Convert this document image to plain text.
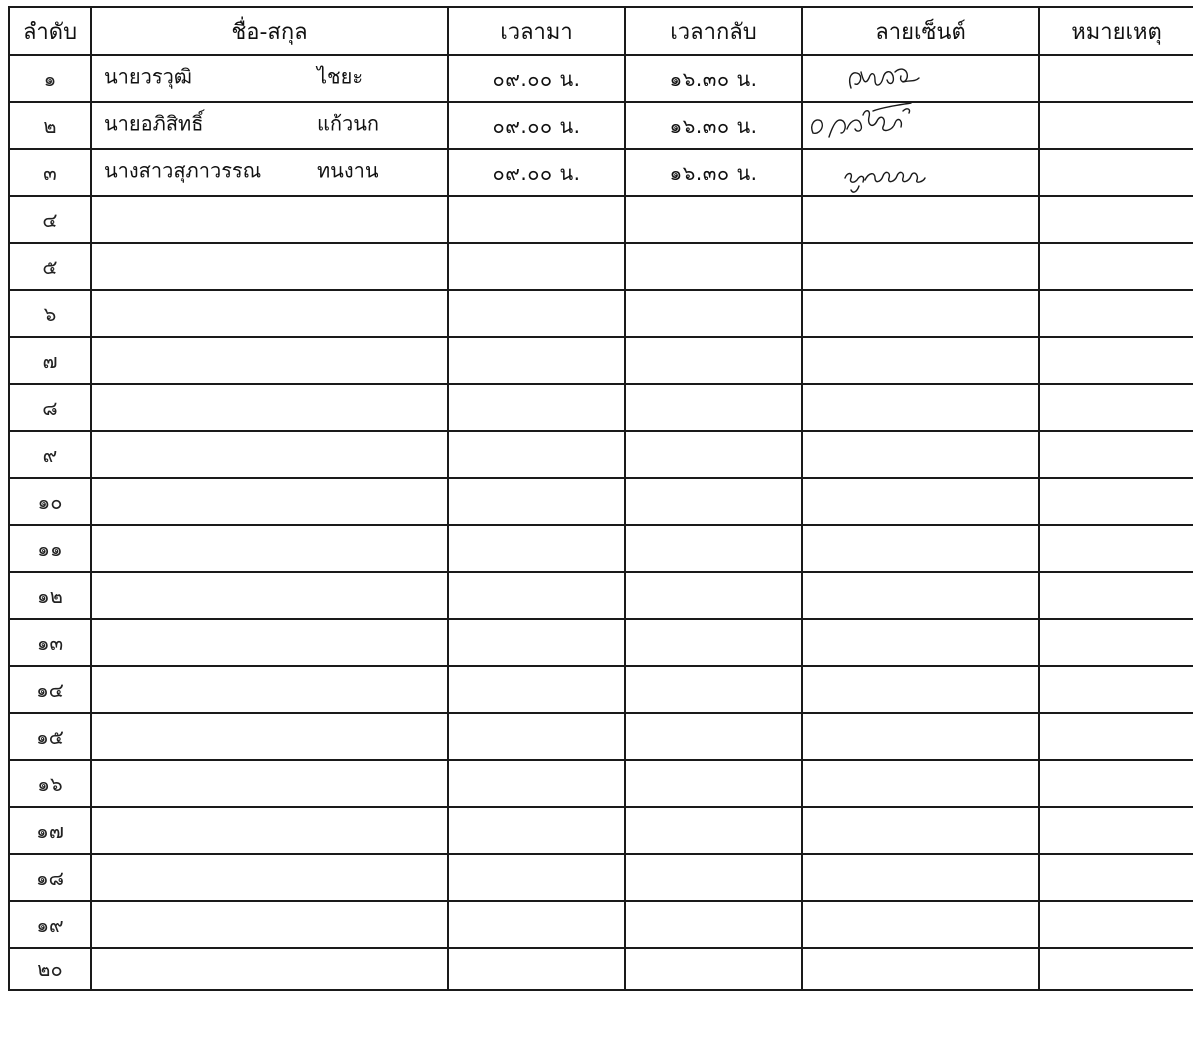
ลำดับ	ชื่อ-สกุล	เวลามา	เวลากลับ	ลายเซ็นต์	หมายเหตุ
๑	นายวรวุฒิ ไชยะ	๐๙.๐๐ น.	๑๖.๓๐ น.	

๒	นายอภิสิทธิ์ แก้วนก	๐๙.๐๐ น.	๑๖.๓๐ น.	

๓	นางสาวสุภาวรรณ ทนงาน	๐๙.๐๐ น.	๑๖.๓๐ น.	

๔	

๕	

๖	

๗	

๘	

๙	

๑๐	

๑๑	

๑๒	

๑๓	

๑๔	

๑๕	

๑๖	

๑๗	

๑๘	

๑๙	

๒๐	
